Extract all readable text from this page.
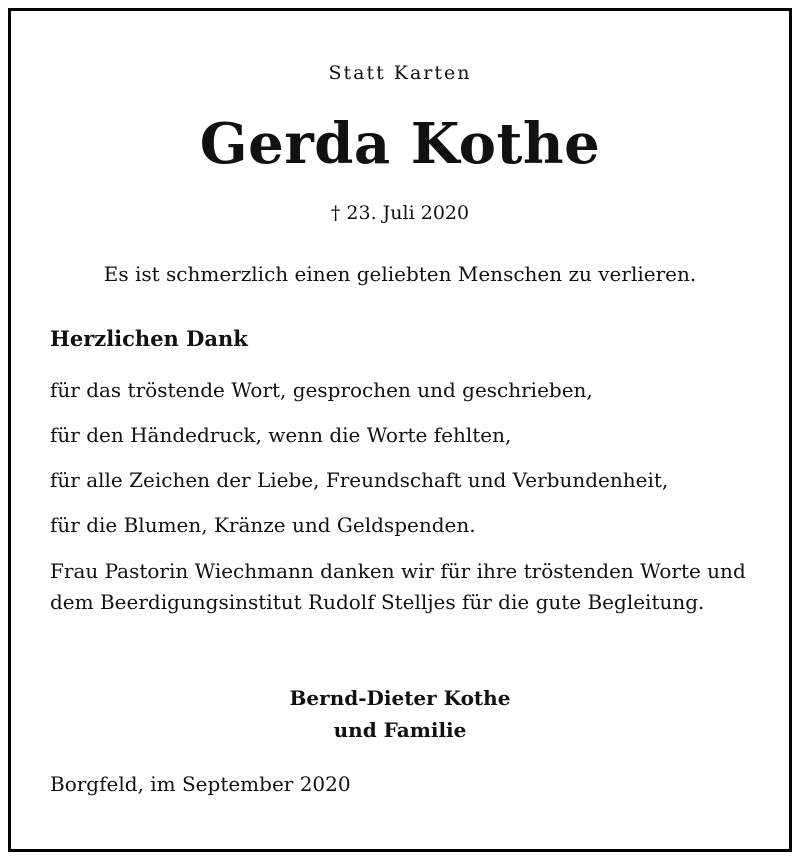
Statt Karten
Gerda Kothe
† 23. Juli 2020
Es ist schmerzlich einen geliebten Menschen zu verlieren.
Herzlichen Dank
für das tröstende Wort, gesprochen und geschrieben,
für den Händedruck, wenn die Worte fehlten,
für alle Zeichen der Liebe, Freundschaft und Verbundenheit,
für die Blumen, Kränze und Geldspenden.
Frau Pastorin Wiechmann danken wir für ihre tröstenden Worte und dem Beerdigungsinstitut Rudolf Stelljes für die gute Begleitung.
Bernd-Dieter Kothe
und Familie
Borgfeld, im September 2020
